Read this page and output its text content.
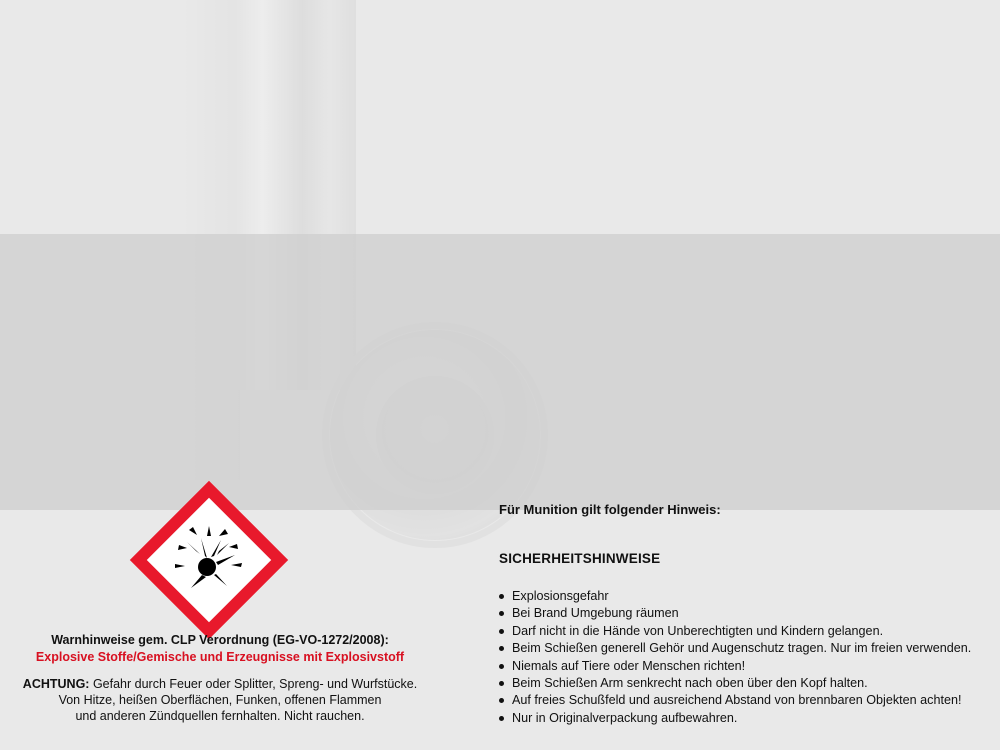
Warnhinweise gem. CLP Verordnung (EG-VO-1272/2008):
Explosive Stoffe/Gemische und Erzeugnisse mit Explosivstoff
ACHTUNG: Gefahr durch Feuer oder Splitter, Spreng- und Wurfstücke.
Von Hitze, heißen Oberflächen, Funken, offenen Flammen
und anderen Zündquellen fernhalten. Nicht rauchen.

Für Munition gilt folgender Hinweis:

SICHERHEITSHINWEISE

Explosionsgefahr
Bei Brand Umgebung räumen
Darf nicht in die Hände von Unberechtigten und Kindern gelangen.
Beim Schießen generell Gehör und Augenschutz tragen. Nur im freien verwenden.
Niemals auf Tiere oder Menschen richten!
Beim Schießen Arm senkrecht nach oben über den Kopf halten.
Auf freies Schußfeld und ausreichend Abstand von brennbaren Objekten achten!
Nur in Originalverpackung aufbewahren.
